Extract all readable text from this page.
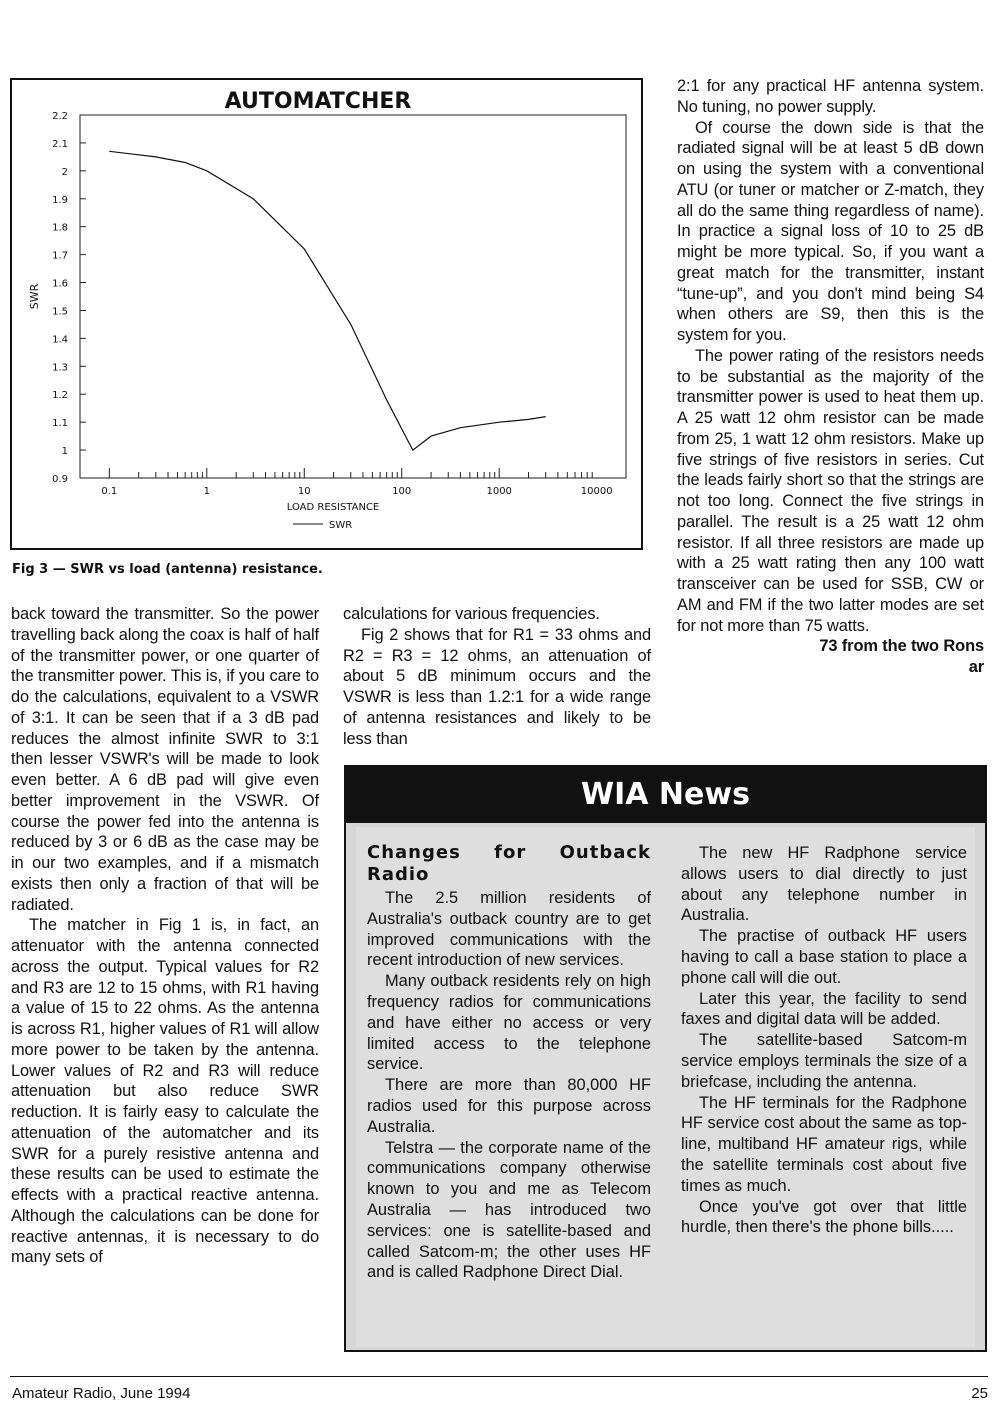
AUTOMATCHER
2.2
2.1
2
1.9
1.8
1.7
1.6
1.5
1.4
1.3
1.2
1.1
1
0.9
SWR
0.1	1	10	100	1000	10000
LOAD RESISTANCE
SWR
Fig 3 — SWR vs load (antenna) resistance.

back toward the transmitter. So the power travelling back along the coax is half of half of the transmitter power, or one quarter of the transmitter power. This is, if you care to do the calculations, equivalent to a VSWR of 3:1. It can be seen that if a 3 dB pad reduces the almost infinite SWR to 3:1 then lesser VSWR's will be made to look even better. A 6 dB pad will give even better improvement in the VSWR. Of course the power fed into the antenna is reduced by 3 or 6 dB as the case may be in our two examples, and if a mismatch exists then only a fraction of that will be radiated.

The matcher in Fig 1 is, in fact, an attenuator with the antenna connected across the output. Typical values for R2 and R3 are 12 to 15 ohms, with R1 having a value of 15 to 22 ohms. As the antenna is across R1, higher values of R1 will allow more power to be taken by the antenna. Lower values of R2 and R3 will reduce attenuation but also reduce SWR reduction. It is fairly easy to calculate the attenuation of the automatcher and its SWR for a purely resistive antenna and these results can be used to estimate the effects with a practical reactive antenna. Although the calculations can be done for reactive antennas, it is necessary to do many sets of

calculations for various frequencies.

Fig 2 shows that for R1 = 33 ohms and R2 = R3 = 12 ohms, an attenuation of about 5 dB minimum occurs and the VSWR is less than 1.2:1 for a wide range of antenna resistances and likely to be less than

2:1 for any practical HF antenna system. No tuning, no power supply.

Of course the down side is that the radiated signal will be at least 5 dB down on using the system with a conventional ATU (or tuner or matcher or Z-match, they all do the same thing regardless of name). In practice a signal loss of 10 to 25 dB might be more typical. So, if you want a great match for the transmitter, instant “tune-up”, and you don't mind being S4 when others are S9, then this is the system for you.

The power rating of the resistors needs to be substantial as the majority of the transmitter power is used to heat them up. A 25 watt 12 ohm resistor can be made from 25, 1 watt 12 ohm resistors. Make up five strings of five resistors in series. Cut the leads fairly short so that the strings are not too long. Connect the five strings in parallel. The result is a 25 watt 12 ohm resistor. If all three resistors are made up with a 25 watt rating then any 100 watt transceiver can be used for SSB, CW or AM and FM if the two latter modes are set for not more than 75 watts.

73 from the two Rons

ar

WIA News

Changes for Outback Radio

The 2.5 million residents of Australia's outback country are to get improved communications with the recent introduction of new services.

Many outback residents rely on high frequency radios for communications and have either no access or very limited access to the telephone service.

There are more than 80,000 HF radios used for this purpose across Australia.

Telstra — the corporate name of the communications company otherwise known to you and me as Telecom Australia — has introduced two services: one is satellite-based and called Satcom-m; the other uses HF and is called Radphone Direct Dial.

The new HF Radphone service allows users to dial directly to just about any telephone number in Australia.

The practise of outback HF users having to call a base station to place a phone call will die out.

Later this year, the facility to send faxes and digital data will be added.

The satellite-based Satcom-m service employs terminals the size of a briefcase, including the antenna.

The HF terminals for the Radphone HF service cost about the same as top-line, multiband HF amateur rigs, while the satellite terminals cost about five times as much.

Once you've got over that little hurdle, then there's the phone bills.....

Amateur Radio, June 1994	25
